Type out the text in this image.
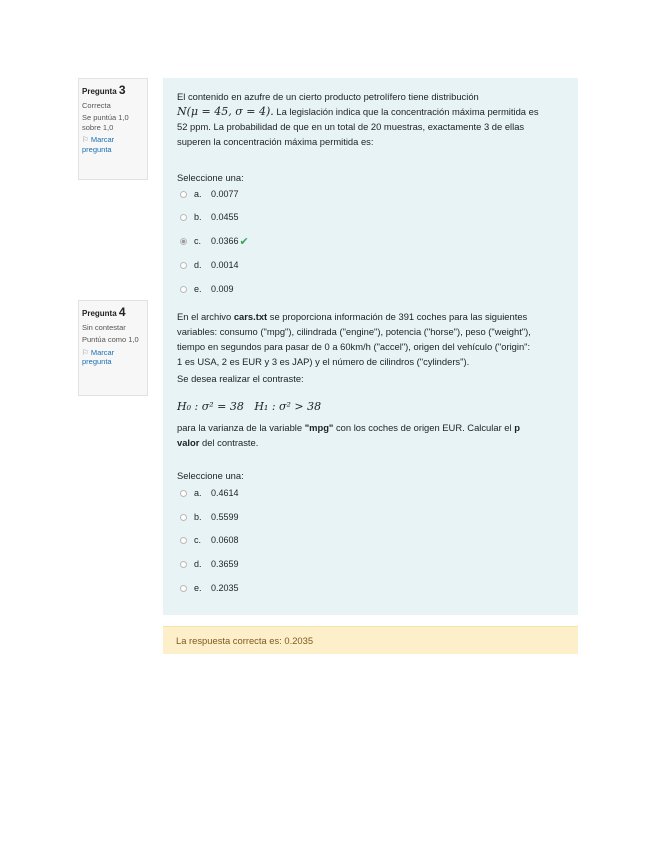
Pregunta 3
Correcta
Se puntúa 1,0 sobre 1,0
⚐ Marcar pregunta
Pregunta 4
Sin contestar
Puntúa como 1,0
⚐ Marcar pregunta
El contenido en azufre de un cierto producto petrolífero tiene distribución
N(μ = 45, σ = 4). La legislación indica que la concentración máxima permitida es
52 ppm. La probabilidad de que en un total de 20 muestras, exactamente 3 de ellas
superen la concentración máxima permitida es:
Seleccione una:
a.	0.0077
b.	0.0455
c.	0.0366 ✔
d.	0.0014
e.	0.009
En el archivo cars.txt se proporciona información de 391 coches para las siguientes
variables: consumo ("mpg"), cilindrada ("engine"), potencia ("horse"), peso ("weight"),
tiempo en segundos para pasar de 0 a 60km/h ("accel"), origen del vehículo ("origin":
1 es USA, 2 es EUR y 3 es JAP) y el número de cilindros ("cylinders").
Se desea realizar el contraste:
H₀ : σ² = 38   H₁ : σ² > 38
para la varianza de la variable "mpg" con los coches de origen EUR. Calcular el p
valor del contraste.
Seleccione una:
a.	0.4614
b.	0.5599
c.	0.0608
d.	0.3659
e.	0.2035
La respuesta correcta es: 0.2035
